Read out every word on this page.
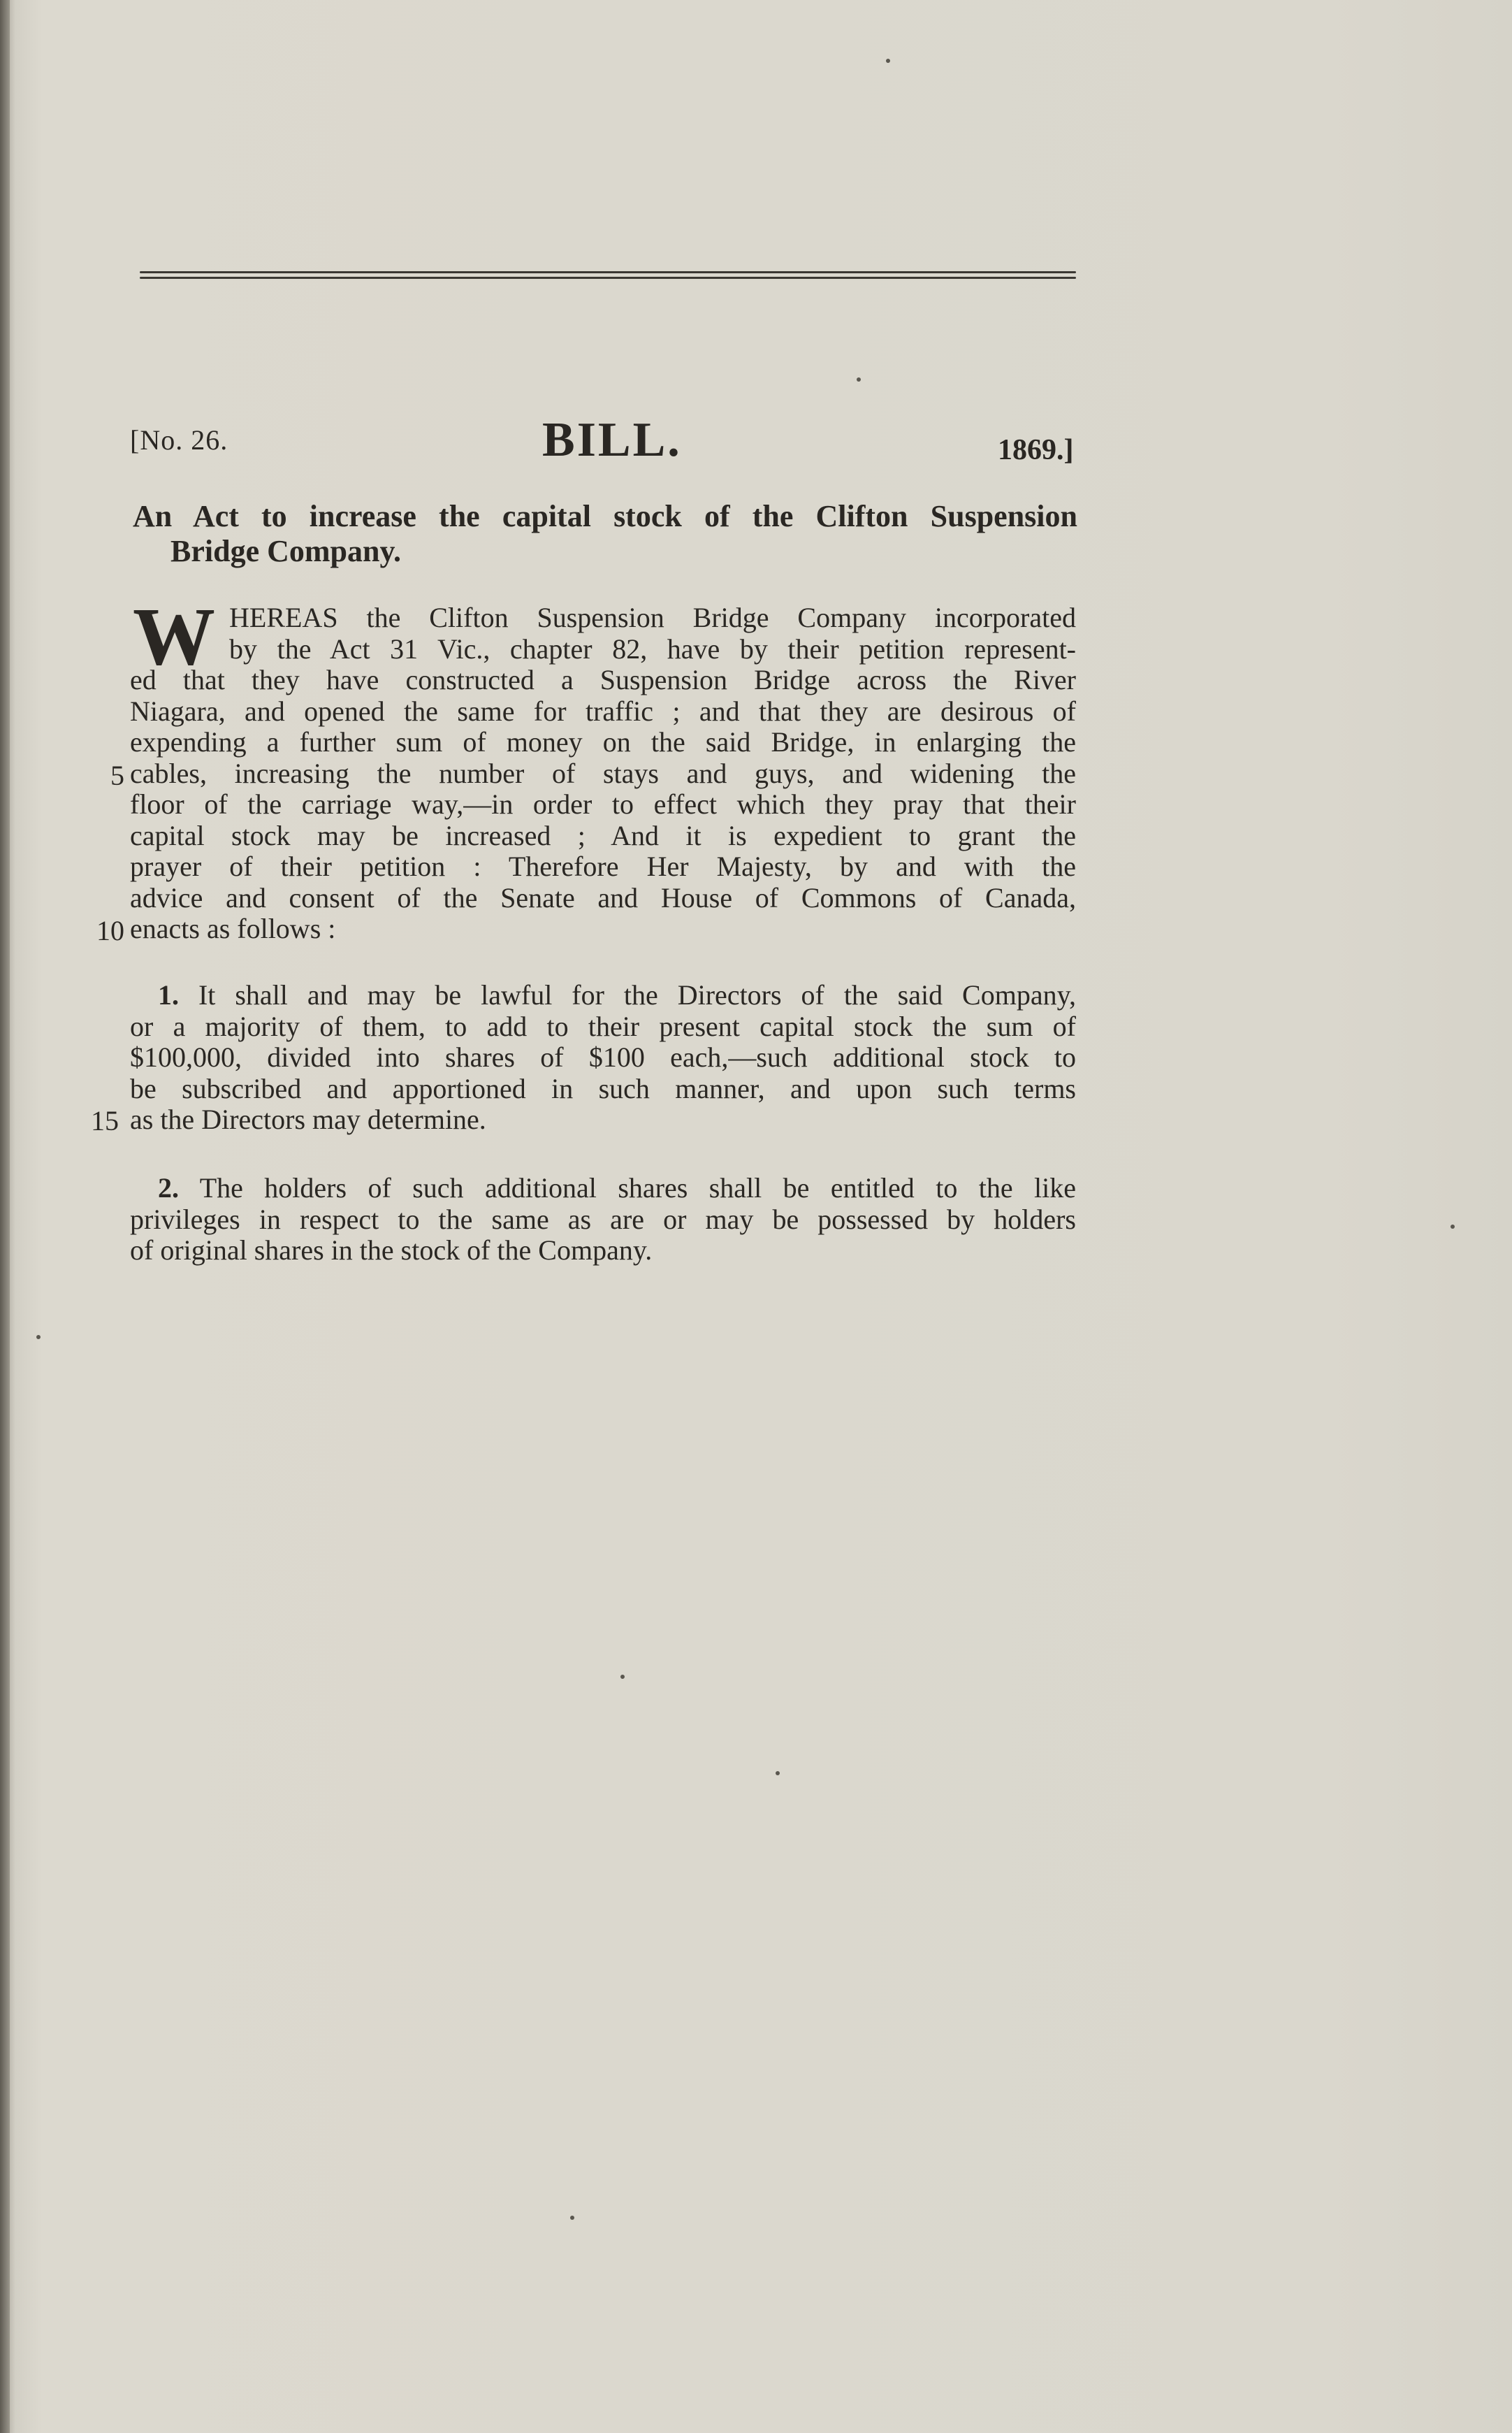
[No. 26.	BILL.	1869.]
An Act to increase the capital stock of the Clifton Suspension
Bridge Company.
W HEREAS the Clifton Suspension Bridge Company incorporated
by the Act 31 Vic., chapter 82, have by their petition represent-
ed that they have constructed a Suspension Bridge across the River
Niagara, and opened the same for traffic ; and that they are desirous of
expending a further sum of money on the said Bridge, in enlarging the
cables, increasing the number of stays and guys, and widening the
floor of the carriage way,—in order to effect which they pray that their
capital stock may be increased ; And it is expedient to grant the
prayer of their petition : Therefore Her Majesty, by and with the
advice and consent of the Senate and House of Commons of Canada,
enacts as follows :
5
10
1. It shall and may be lawful for the Directors of the said Company,
or a majority of them, to add to their present capital stock the sum of
$100,000, divided into shares of $100 each,—such additional stock to
be subscribed and apportioned in such manner, and upon such terms
as the Directors may determine.
15
2. The holders of such additional shares shall be entitled to the like
privileges in respect to the same as are or may be possessed by holders
of original shares in the stock of the Company.
